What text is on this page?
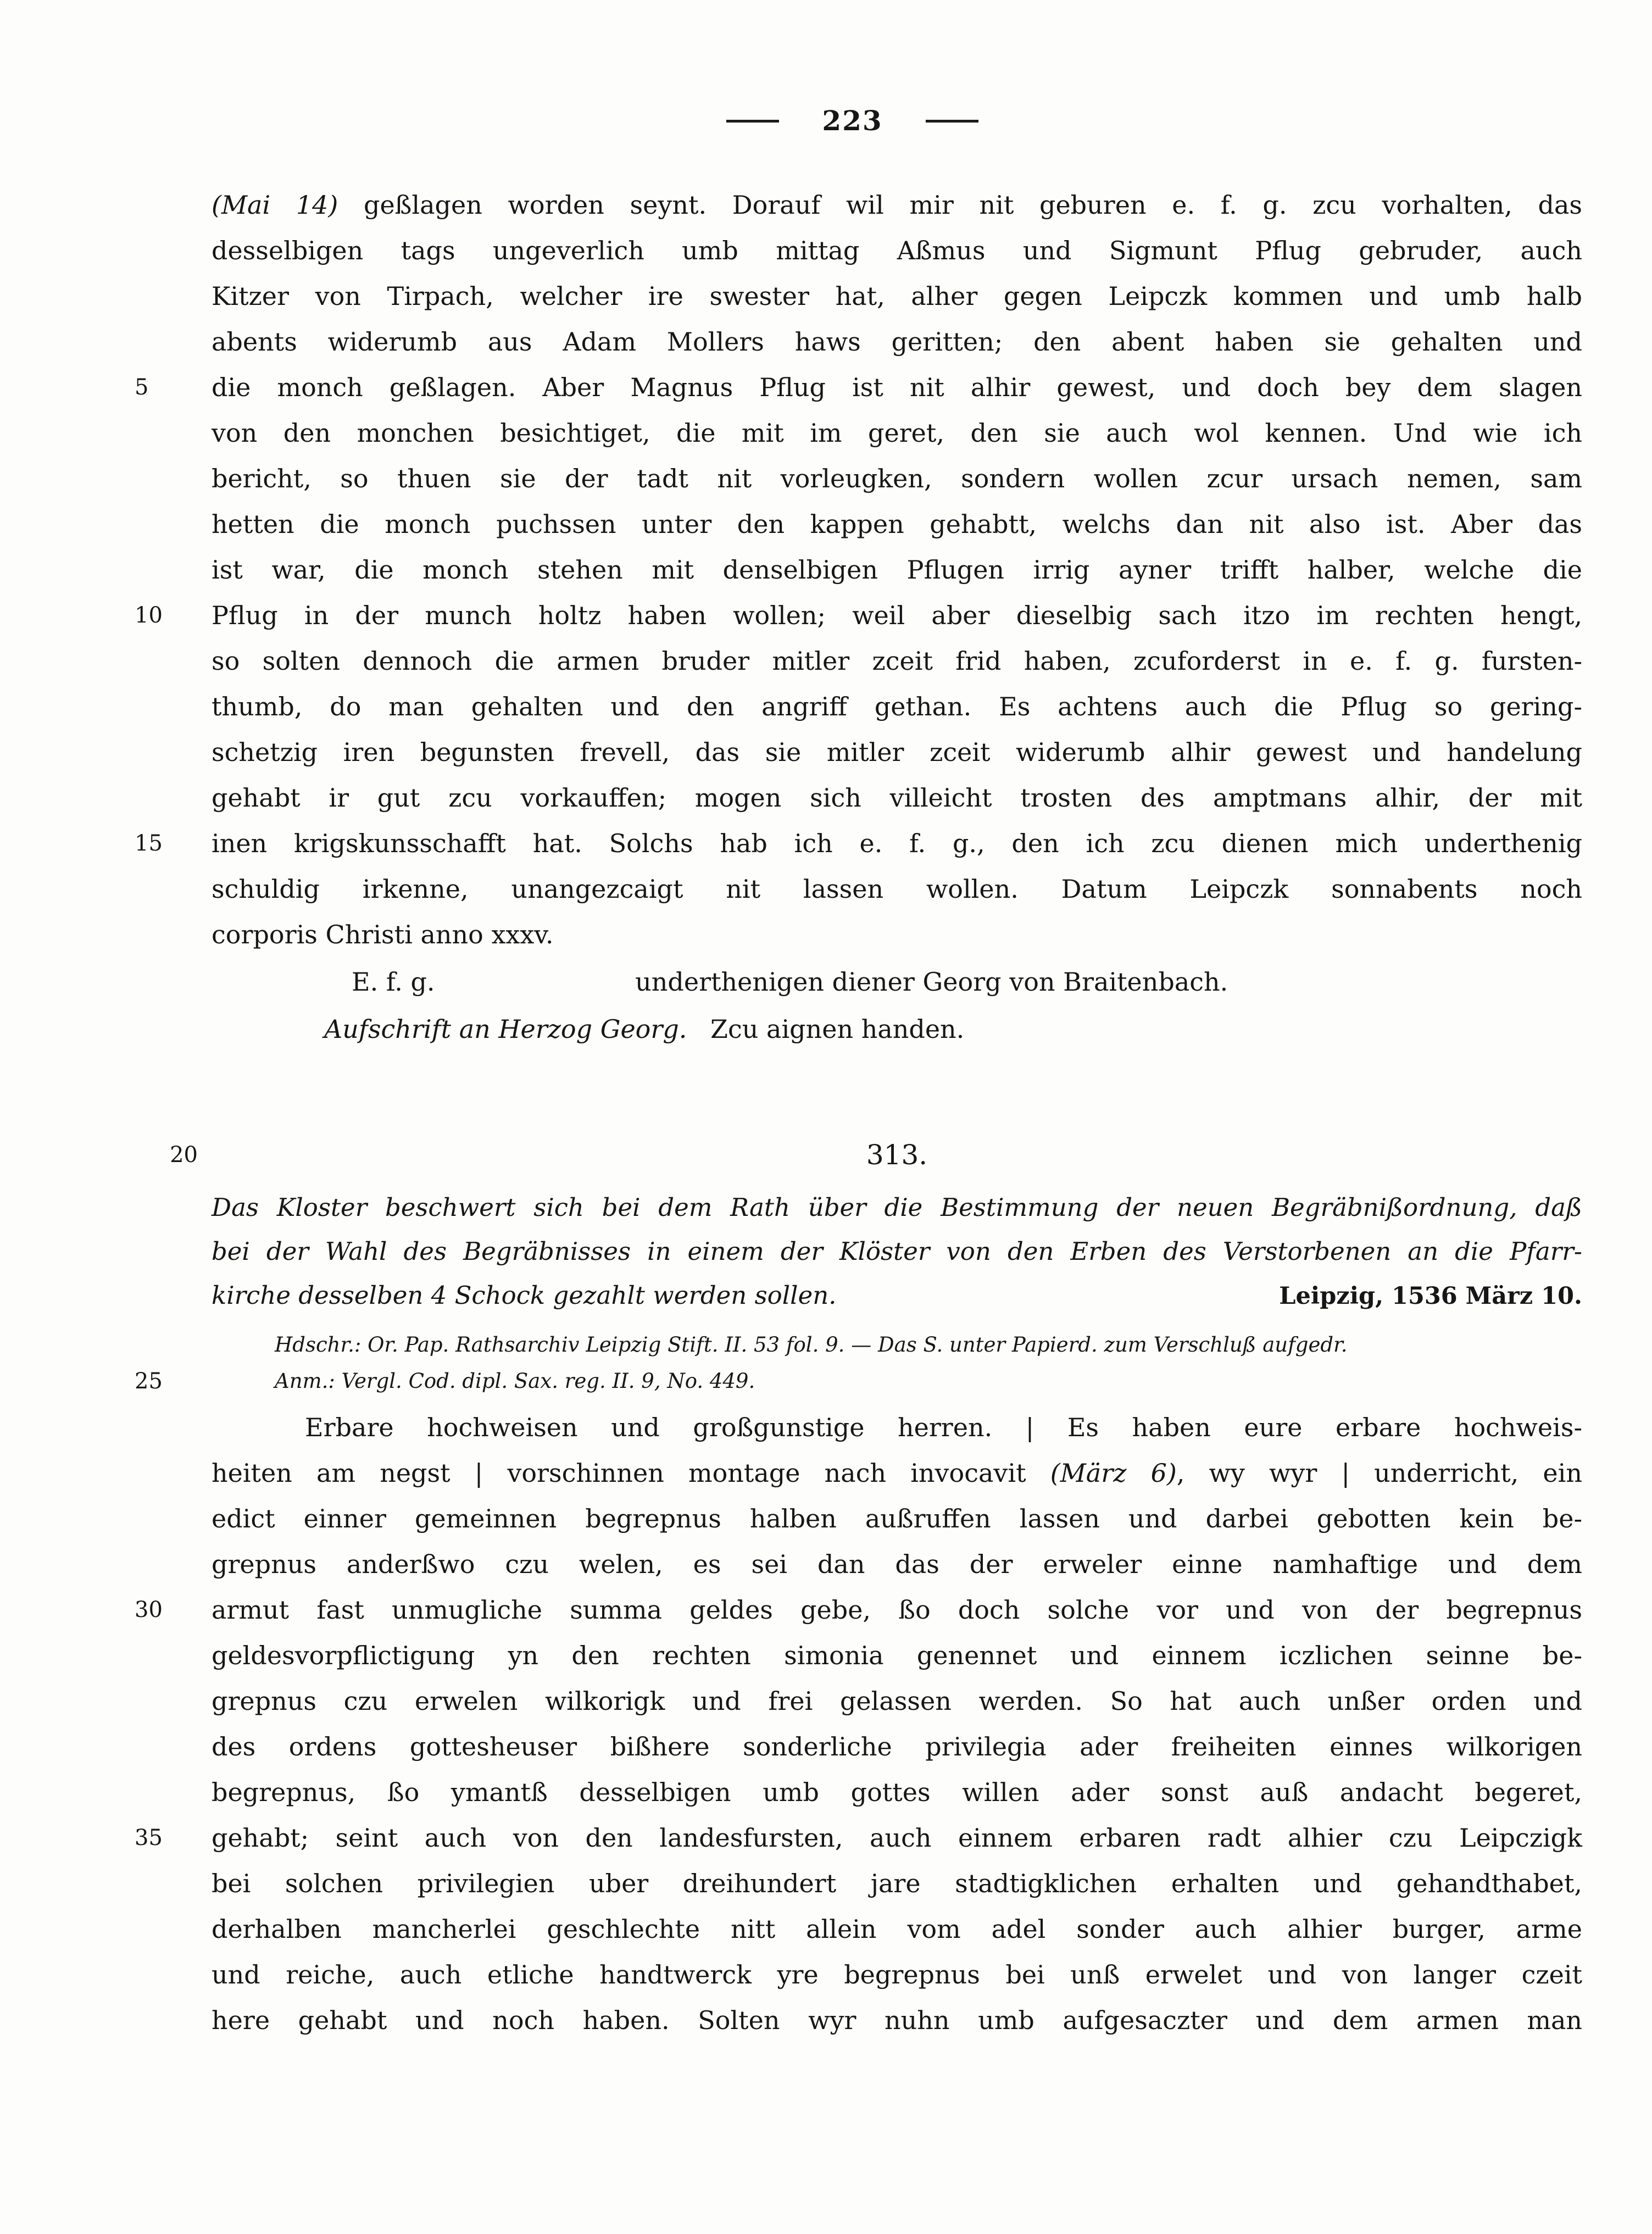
223
(Mai 14) geßlagen worden seynt. Dorauf wil mir nit geburen e. f. g. zcu vorhalten, das
desselbigen tags ungeverlich umb mittag Aßmus und Sigmunt Pflug gebruder, auch
Kitzer von Tirpach, welcher ire swester hat, alher gegen Leipczk kommen und umb halb
abents widerumb aus Adam Mollers haws geritten; den abent haben sie gehalten und
5	die monch geßlagen. Aber Magnus Pflug ist nit alhir gewest, und doch bey dem slagen
von den monchen besichtiget, die mit im geret, den sie auch wol kennen. Und wie ich
bericht, so thuen sie der tadt nit vorleugken, sondern wollen zcur ursach nemen, sam
hetten die monch puchssen unter den kappen gehabtt, welchs dan nit also ist. Aber das
ist war, die monch stehen mit denselbigen Pflugen irrig ayner trifft halber, welche die
10	Pflug in der munch holtz haben wollen; weil aber dieselbig sach itzo im rechten hengt,
so solten dennoch die armen bruder mitler zceit frid haben, zcuforderst in e. f. g. fursten-
thumb, do man gehalten und den angriff gethan. Es achtens auch die Pflug so gering-
schetzig iren begunsten frevell, das sie mitler zceit widerumb alhir gewest und handelung
gehabt ir gut zcu vorkauffen; mogen sich villeicht trosten des amptmans alhir, der mit
15	inen krigskunsschafft hat. Solchs hab ich e. f. g., den ich zcu dienen mich underthenig
schuldig irkenne, unangezcaigt nit lassen wollen. Datum Leipczk sonnabents noch
corporis Christi anno xxxv.
E. f. g.	underthenigen diener Georg von Braitenbach.
Aufschrift an Herzog Georg. Zcu aignen handen.
20	313.
Das Kloster beschwert sich bei dem Rath über die Bestimmung der neuen Begräbnißordnung, daß
bei der Wahl des Begräbnisses in einem der Klöster von den Erben des Verstorbenen an die Pfarr-
kirche desselben 4 Schock gezahlt werden sollen.	Leipzig, 1536 März 10.
Hdschr.: Or. Pap. Rathsarchiv Leipzig Stift. II. 53 fol. 9. — Das S. unter Papierd. zum Verschluß aufgedr.
25	Anm.: Vergl. Cod. dipl. Sax. reg. II. 9, No. 449.
Erbare hochweisen und großgunstige herren. | Es haben eure erbare hochweis-
heiten am negst | vorschinnen montage nach invocavit (März 6), wy wyr | underricht, ein
edict einner gemeinnen begrepnus halben außruffen lassen und darbei gebotten kein be-
grepnus anderßwo czu welen, es sei dan das der erweler einne namhaftige und dem
30	armut fast unmugliche summa geldes gebe, ßo doch solche vor und von der begrepnus
geldesvorpflictigung yn den rechten simonia genennet und einnem iczlichen seinne be-
grepnus czu erwelen wilkorigk und frei gelassen werden. So hat auch unßer orden und
des ordens gottesheuser bißhere sonderliche privilegia ader freiheiten einnes wilkorigen
begrepnus, ßo ymantß desselbigen umb gottes willen ader sonst auß andacht begeret,
35	gehabt; seint auch von den landesfursten, auch einnem erbaren radt alhier czu Leipczigk
bei solchen privilegien uber dreihundert jare stadtigklichen erhalten und gehandthabet,
derhalben mancherlei geschlechte nitt allein vom adel sonder auch alhier burger, arme
und reiche, auch etliche handtwerck yre begrepnus bei unß erwelet und von langer czeit
here gehabt und noch haben. Solten wyr nuhn umb aufgesaczter und dem armen man
